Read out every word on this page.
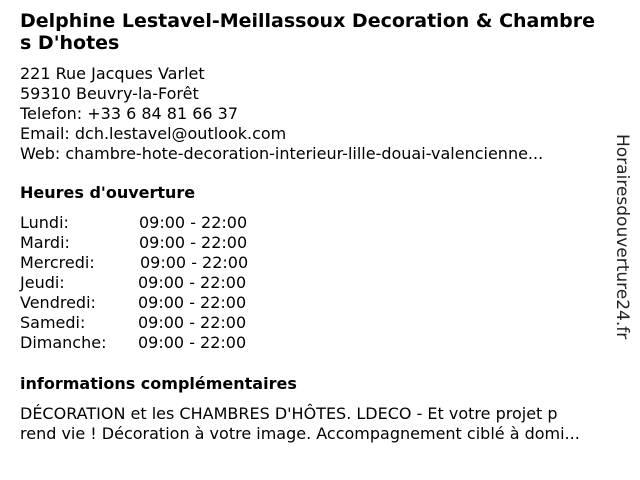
Delphine Lestavel-Meillassoux Decoration & Chambre
s D'hotes
221 Rue Jacques Varlet
59310 Beuvry-la-Forêt
Telefon: +33 6 84 81 66 37
Email: dch.lestavel@outlook.com
Web: chambre-hote-decoration-interieur-lille-douai-valencienne...
Heures d'ouverture
Lundi:	09:00 - 22:00
Mardi:	09:00 - 22:00
Mercredi:	09:00 - 22:00
Jeudi:	09:00 - 22:00
Vendredi:	09:00 - 22:00
Samedi:	09:00 - 22:00
Dimanche: 09:00 - 22:00
informations complémentaires
DÉCORATION et les CHAMBRES D'HÔTES. LDECO - Et votre projet p
rend vie ! Décoration à votre image. Accompagnement ciblé à domi...
Horairesdouverture24.fr
